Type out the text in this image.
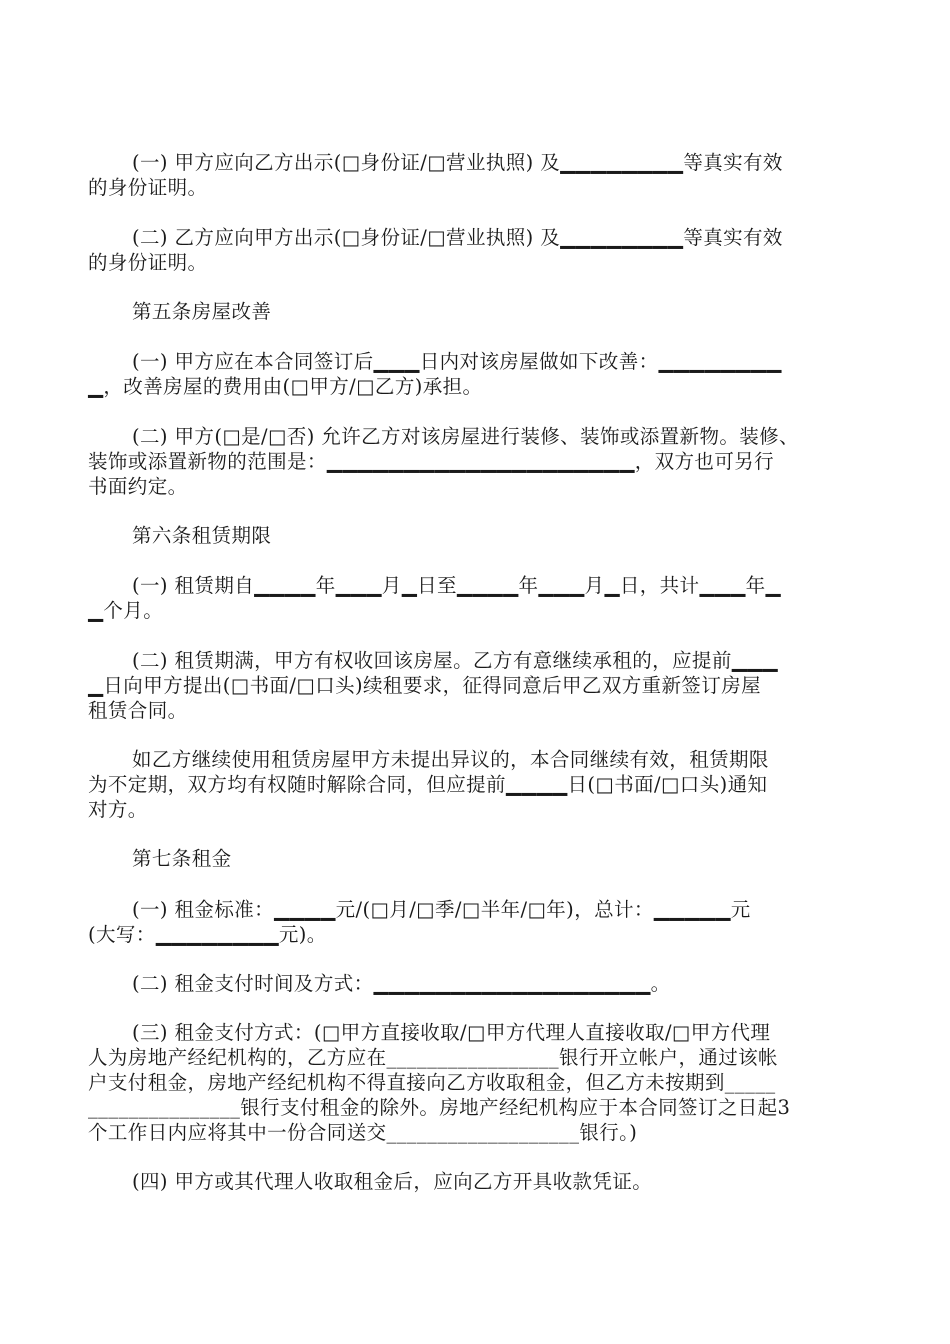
(一) 甲方应向乙方出示(□身份证/□营业执照) 及▁▁▁▁▁▁▁▁等真实有效
的身份证明。

(二) 乙方应向甲方出示(□身份证/□营业执照) 及▁▁▁▁▁▁▁▁等真实有效
的身份证明。

第五条房屋改善

(一) 甲方应在本合同签订后▁▁▁日内对该房屋做如下改善：▁▁▁▁▁▁▁▁
▁，改善房屋的费用由(□甲方/□乙方)承担。

(二) 甲方(□是/□否) 允许乙方对该房屋进行装修、装饰或添置新物。装修、
装饰或添置新物的范围是：▁▁▁▁▁▁▁▁▁▁▁▁▁▁▁▁▁▁▁▁，双方也可另行
书面约定。

第六条租赁期限

(一) 租赁期自▁▁▁▁年▁▁▁月▁日至▁▁▁▁年▁▁▁月▁日，共计▁▁▁年▁
▁个月。

(二) 租赁期满，甲方有权收回该房屋。乙方有意继续承租的，应提前▁▁▁
▁日向甲方提出(□书面/□口头)续租要求，征得同意后甲乙双方重新签订房屋
租赁合同。

如乙方继续使用租赁房屋甲方未提出异议的，本合同继续有效，租赁期限
为不定期，双方均有权随时解除合同，但应提前▁▁▁▁日(□书面/□口头)通知
对方。

第七条租金

(一) 租金标准：▁▁▁▁元/(□月/□季/□半年/□年)，总计：▁▁▁▁▁元
(大写：▁▁▁▁▁▁▁▁元)。

(二) 租金支付时间及方式：▁▁▁▁▁▁▁▁▁▁▁▁▁▁▁▁▁▁。

(三) 租金支付方式：(□甲方直接收取/□甲方代理人直接收取/□甲方代理
人为房地产经纪机构的，乙方应在_________________银行开立帐户，通过该帐
户支付租金，房地产经纪机构不得直接向乙方收取租金，但乙方未按期到_____
_______________银行支付租金的除外。房地产经纪机构应于本合同签订之日起3
个工作日内应将其中一份合同送交___________________银行。)

(四) 甲方或其代理人收取租金后，应向乙方开具收款凭证。
